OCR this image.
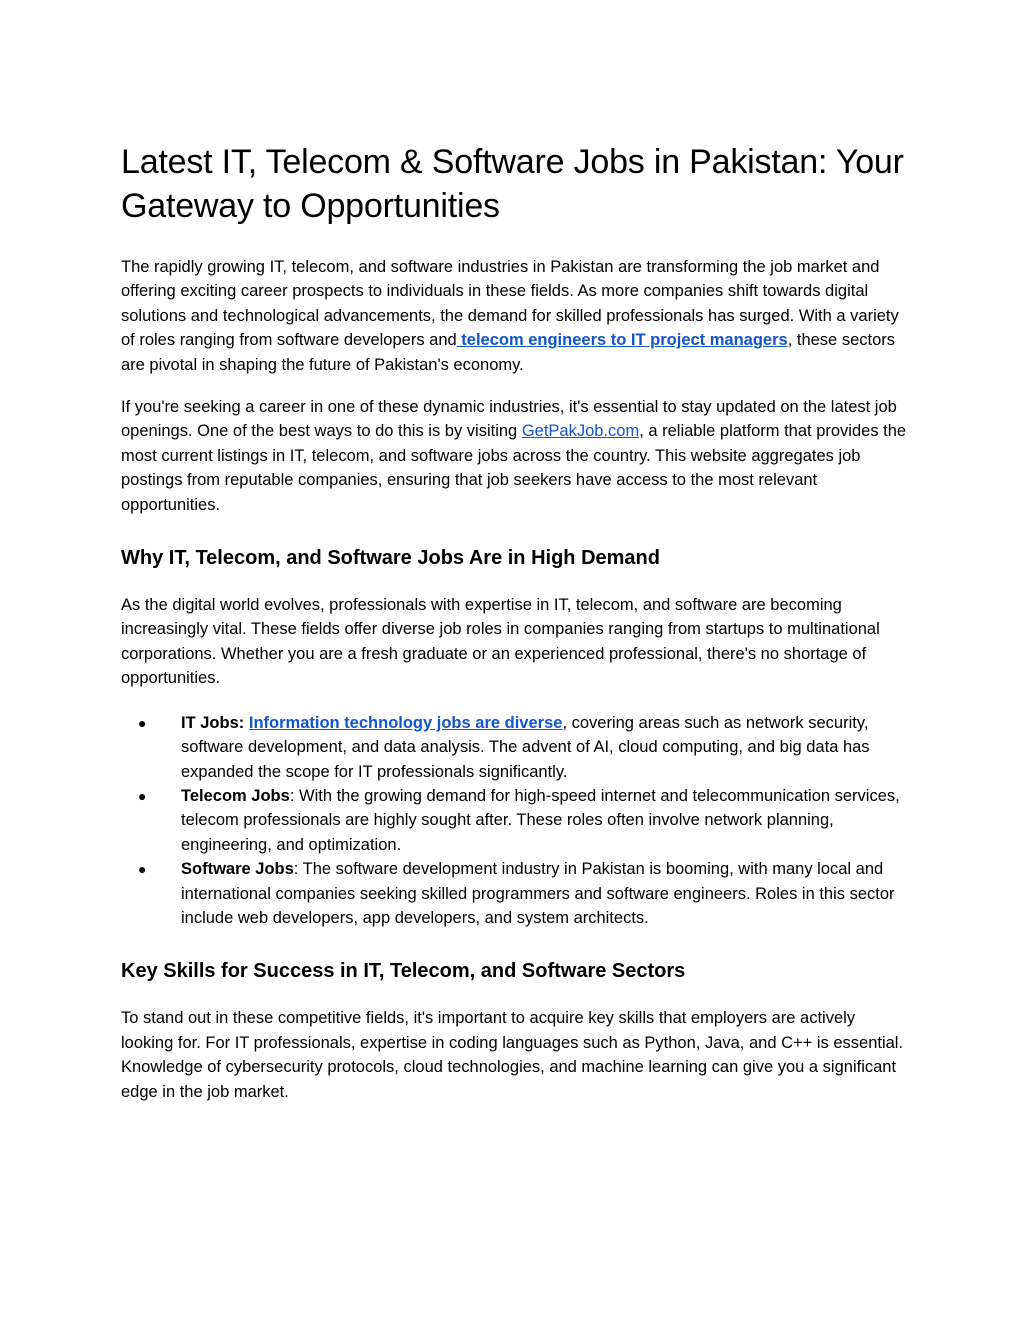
Latest IT, Telecom & Software Jobs in Pakistan: Your Gateway to Opportunities

The rapidly growing IT, telecom, and software industries in Pakistan are transforming the job market and offering exciting career prospects to individuals in these fields. As more companies shift towards digital solutions and technological advancements, the demand for skilled professionals has surged. With a variety of roles ranging from software developers and telecom engineers to IT project managers, these sectors are pivotal in shaping the future of Pakistan's economy.

If you're seeking a career in one of these dynamic industries, it's essential to stay updated on the latest job openings. One of the best ways to do this is by visiting GetPakJob.com, a reliable platform that provides the most current listings in IT, telecom, and software jobs across the country. This website aggregates job postings from reputable companies, ensuring that job seekers have access to the most relevant opportunities.

Why IT, Telecom, and Software Jobs Are in High Demand

As the digital world evolves, professionals with expertise in IT, telecom, and software are becoming increasingly vital. These fields offer diverse job roles in companies ranging from startups to multinational corporations. Whether you are a fresh graduate or an experienced professional, there's no shortage of opportunities.

● IT Jobs: Information technology jobs are diverse, covering areas such as network security, software development, and data analysis. The advent of AI, cloud computing, and big data has expanded the scope for IT professionals significantly.
● Telecom Jobs: With the growing demand for high-speed internet and telecommunication services, telecom professionals are highly sought after. These roles often involve network planning, engineering, and optimization.
● Software Jobs: The software development industry in Pakistan is booming, with many local and international companies seeking skilled programmers and software engineers. Roles in this sector include web developers, app developers, and system architects.
Key Skills for Success in IT, Telecom, and Software Sectors

To stand out in these competitive fields, it's important to acquire key skills that employers are actively looking for. For IT professionals, expertise in coding languages such as Python, Java, and C++ is essential. Knowledge of cybersecurity protocols, cloud technologies, and machine learning can give you a significant edge in the job market.
